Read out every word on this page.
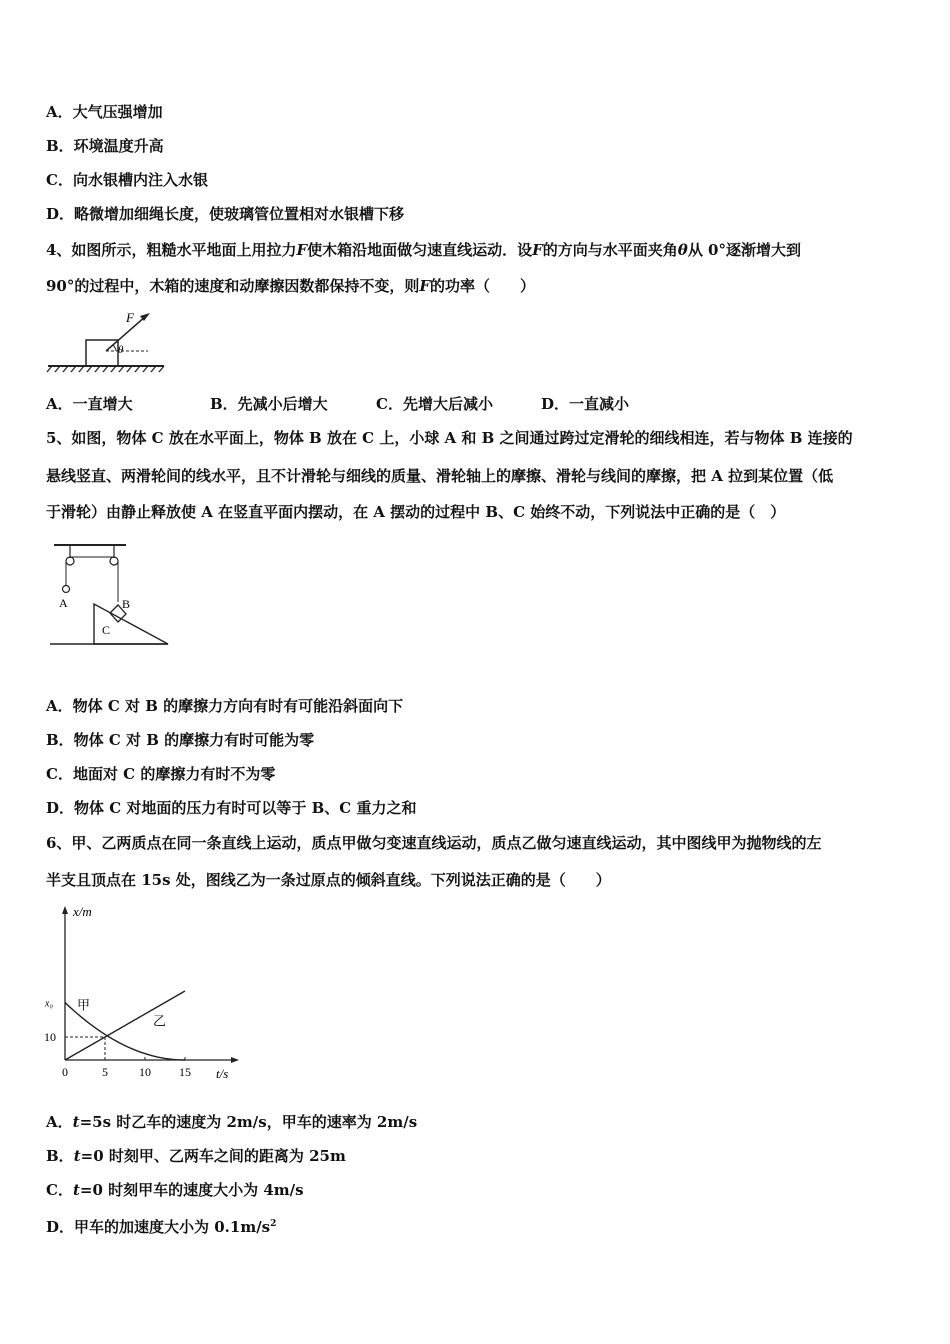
A．大气压强增加
B．环境温度升高
C．向水银槽内注入水银
D．略微增加细绳长度，使玻璃管位置相对水银槽下移
4、如图所示，粗糙水平地面上用拉力F使木箱沿地面做匀速直线运动．设F的方向与水平面夹角θ从 0°逐渐增大到
90°的过程中，木箱的速度和动摩擦因数都保持不变，则F的功率（　　）
F
θ
A．一直增大	B．先减小后增大	C．先增大后减小	D．一直减小
5、如图，物体 C 放在水平面上，物体 B 放在 C 上，小球 A 和 B 之间通过跨过定滑轮的细线相连，若与物体 B 连接的
悬线竖直、两滑轮间的线水平，且不计滑轮与细线的质量、滑轮轴上的摩擦、滑轮与线间的摩擦，把 A 拉到某位置（低
于滑轮）由静止释放使 A 在竖直平面内摆动，在 A 摆动的过程中 B、C 始终不动，下列说法中正确的是（　）
A	B
C
A．物体 C 对 B 的摩擦力方向有时有可能沿斜面向下
B．物体 C 对 B 的摩擦力有时可能为零
C．地面对 C 的摩擦力有时不为零
D．物体 C 对地面的压力有时可以等于 B、C 重力之和
6、甲、乙两质点在同一条直线上运动，质点甲做匀变速直线运动，质点乙做匀速直线运动，其中图线甲为抛物线的左
半支且顶点在 15s 处，图线乙为一条过原点的倾斜直线。下列说法正确的是（　　）
0	5	10 15
10
x₀
x/m
t/s
甲
乙
A．t=5s 时乙车的速度为 2m/s，甲车的速率为 2m/s
B．t=0 时刻甲、乙两车之间的距离为 25m
C．t=0 时刻甲车的速度大小为 4m/s
D．甲车的加速度大小为 $0.1m/s^2$
